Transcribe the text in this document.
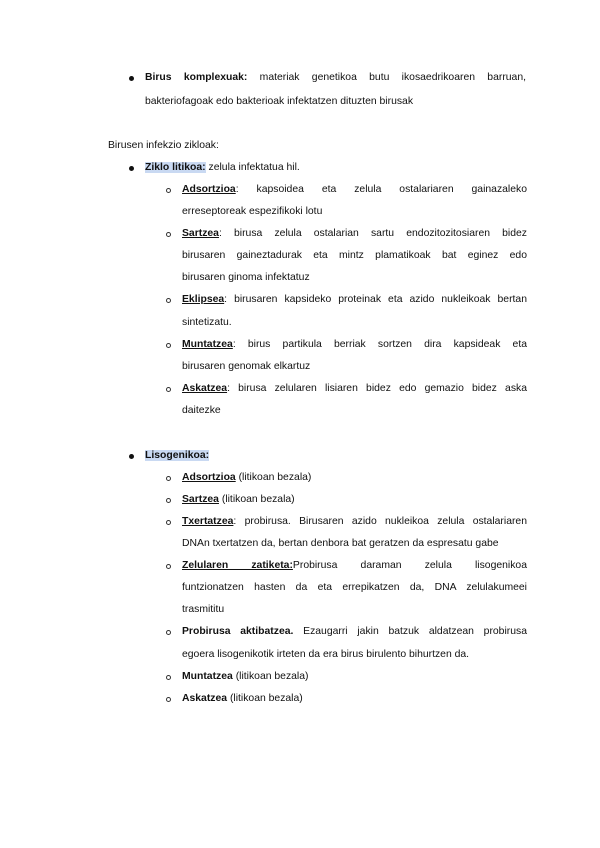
Birus komplexuak: materiak genetikoa butu ikosaedrikoaren barruan,
bakteriofagoak edo bakterioak infektatzen dituzten birusak
Birusen infekzio zikloak:
Ziklo litikoa: zelula infektatua hil.
Adsortzioa: kapsoidea eta zelula ostalariaren gainazaleko
erreseptoreak espezifikoki lotu
Sartzea: birusa zelula ostalarian sartu endozitozitosiaren bidez
birusaren gaineztadurak eta mintz plamatikoak bat eginez edo
birusaren ginoma infektatuz
Eklipsea: birusaren kapsideko proteinak eta azido nukleikoak bertan
sintetizatu.
Muntatzea: birus partikula berriak sortzen dira kapsideak eta
birusaren genomak elkartuz
Askatzea: birusa zelularen lisiaren bidez edo gemazio bidez aska
daitezke
Lisogenikoa:
Adsortzioa (litikoan bezala)
Sartzea (litikoan bezala)
Txertatzea: probirusa. Birusaren azido nukleikoa zelula ostalariaren
DNAn txertatzen da, bertan denbora bat geratzen da espresatu gabe
Zelularen zatiketa:Probirusa daraman zelula lisogenikoa
funtzionatzen hasten da eta errepikatzen da, DNA zelulakumeei
trasmititu
Probirusa aktibatzea. Ezaugarri jakin batzuk aldatzean probirusa
egoera lisogenikotik irteten da era birus birulento bihurtzen da.
Muntatzea (litikoan bezala)
Askatzea (litikoan bezala)
